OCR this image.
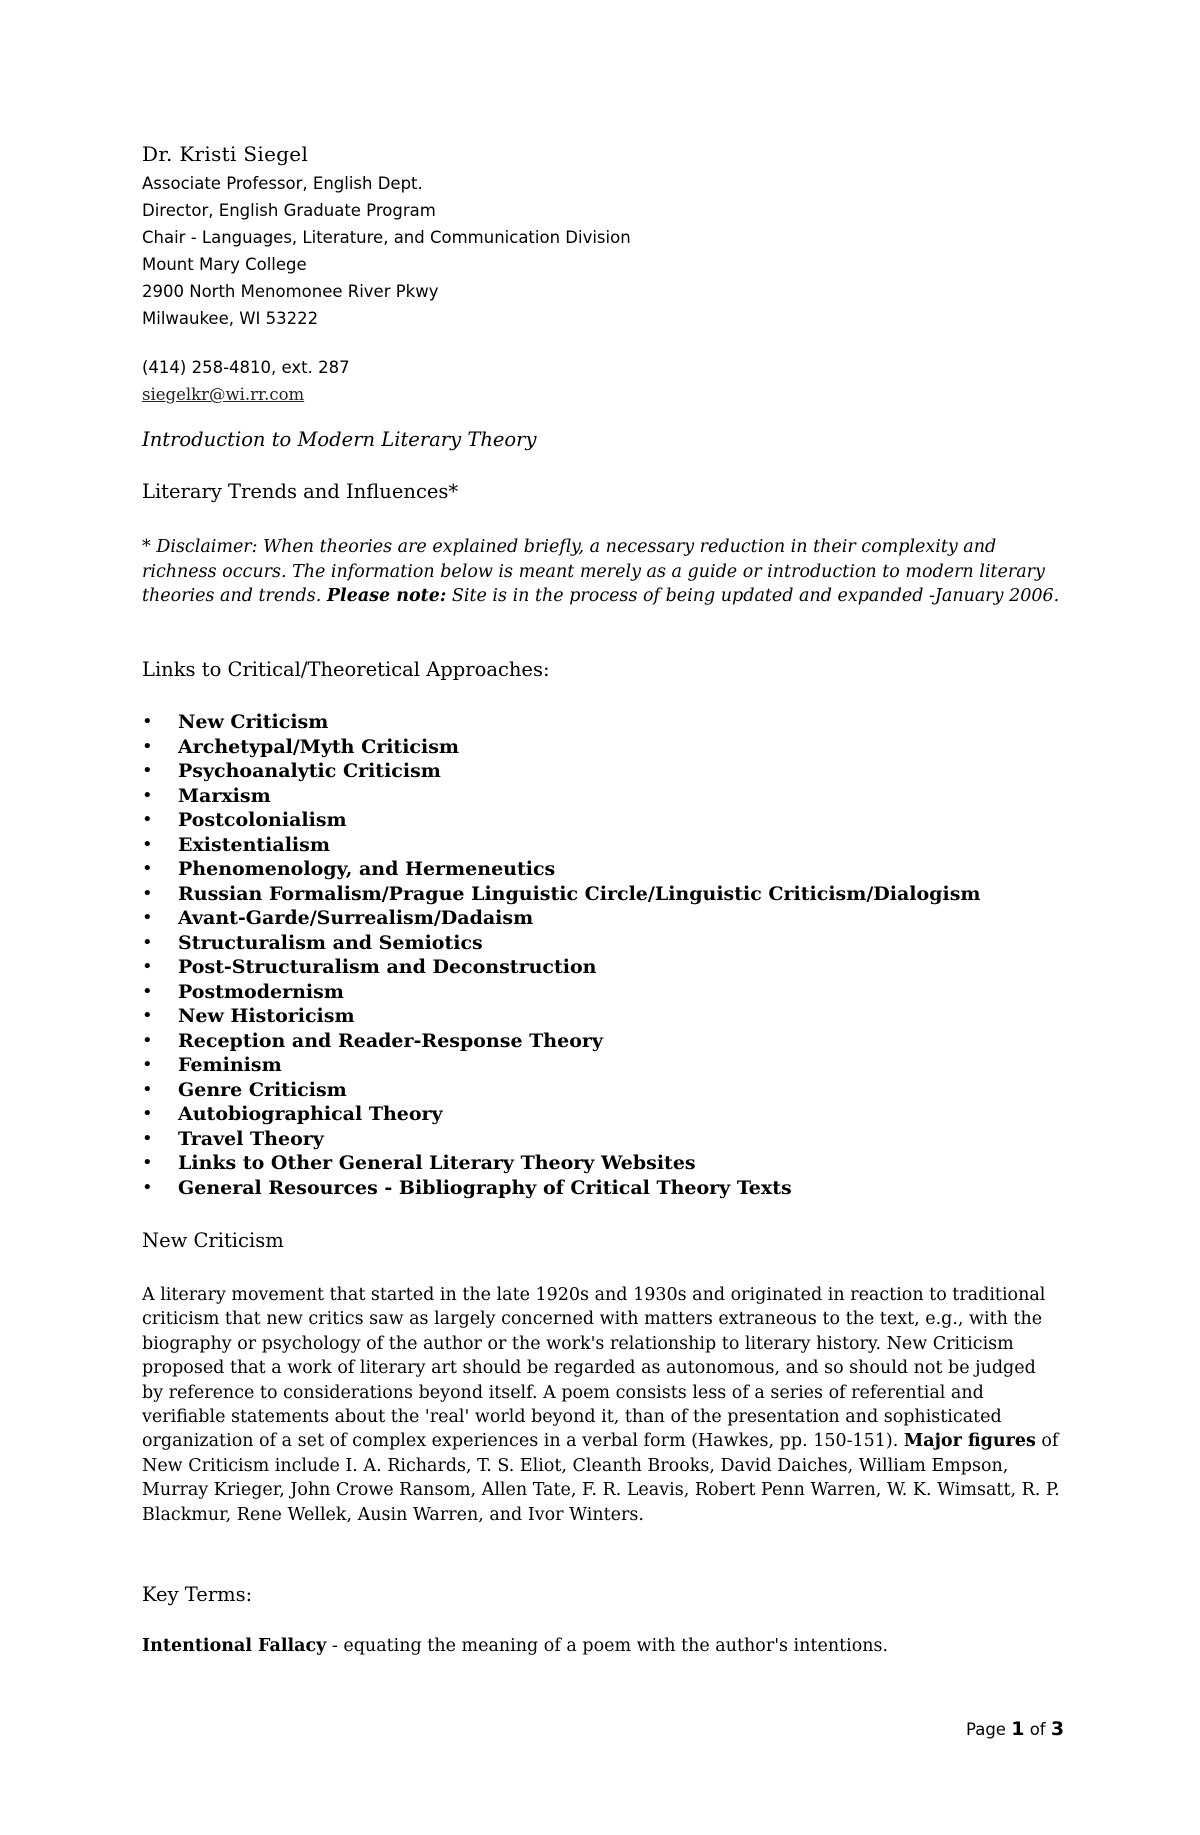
Dr. Kristi Siegel
Associate Professor, English Dept.
Director, English Graduate Program
Chair - Languages, Literature, and Communication Division
Mount Mary College
2900 North Menomonee River Pkwy
Milwaukee, WI 53222
(414) 258-4810, ext. 287
siegelkr@wi.rr.com
Introduction to Modern Literary Theory
Literary Trends and Influences*
* Disclaimer: When theories are explained briefly, a necessary reduction in their complexity and richness occurs. The information below is meant merely as a guide or introduction to modern literary theories and trends. Please note: Site is in the process of being updated and expanded -January 2006.
Links to Critical/Theoretical Approaches:
• New Criticism
• Archetypal/Myth Criticism
• Psychoanalytic Criticism
• Marxism
• Postcolonialism
• Existentialism
• Phenomenology, and Hermeneutics
• Russian Formalism/Prague Linguistic Circle/Linguistic Criticism/Dialogism
• Avant-Garde/Surrealism/Dadaism
• Structuralism and Semiotics
• Post-Structuralism and Deconstruction
• Postmodernism
• New Historicism
• Reception and Reader-Response Theory
• Feminism
• Genre Criticism
• Autobiographical Theory
• Travel Theory
• Links to Other General Literary Theory Websites
• General Resources - Bibliography of Critical Theory Texts
New Criticism
A literary movement that started in the late 1920s and 1930s and originated in reaction to traditional criticism that new critics saw as largely concerned with matters extraneous to the text, e.g., with the biography or psychology of the author or the work's relationship to literary history. New Criticism proposed that a work of literary art should be regarded as autonomous, and so should not be judged by reference to considerations beyond itself. A poem consists less of a series of referential and verifiable statements about the 'real' world beyond it, than of the presentation and sophisticated organization of a set of complex experiences in a verbal form (Hawkes, pp. 150-151). Major figures of New Criticism include I. A. Richards, T. S. Eliot, Cleanth Brooks, David Daiches, William Empson, Murray Krieger, John Crowe Ransom, Allen Tate, F. R. Leavis, Robert Penn Warren, W. K. Wimsatt, R. P. Blackmur, Rene Wellek, Ausin Warren, and Ivor Winters.
Key Terms:
Intentional Fallacy - equating the meaning of a poem with the author's intentions.
Page 1 of 3
